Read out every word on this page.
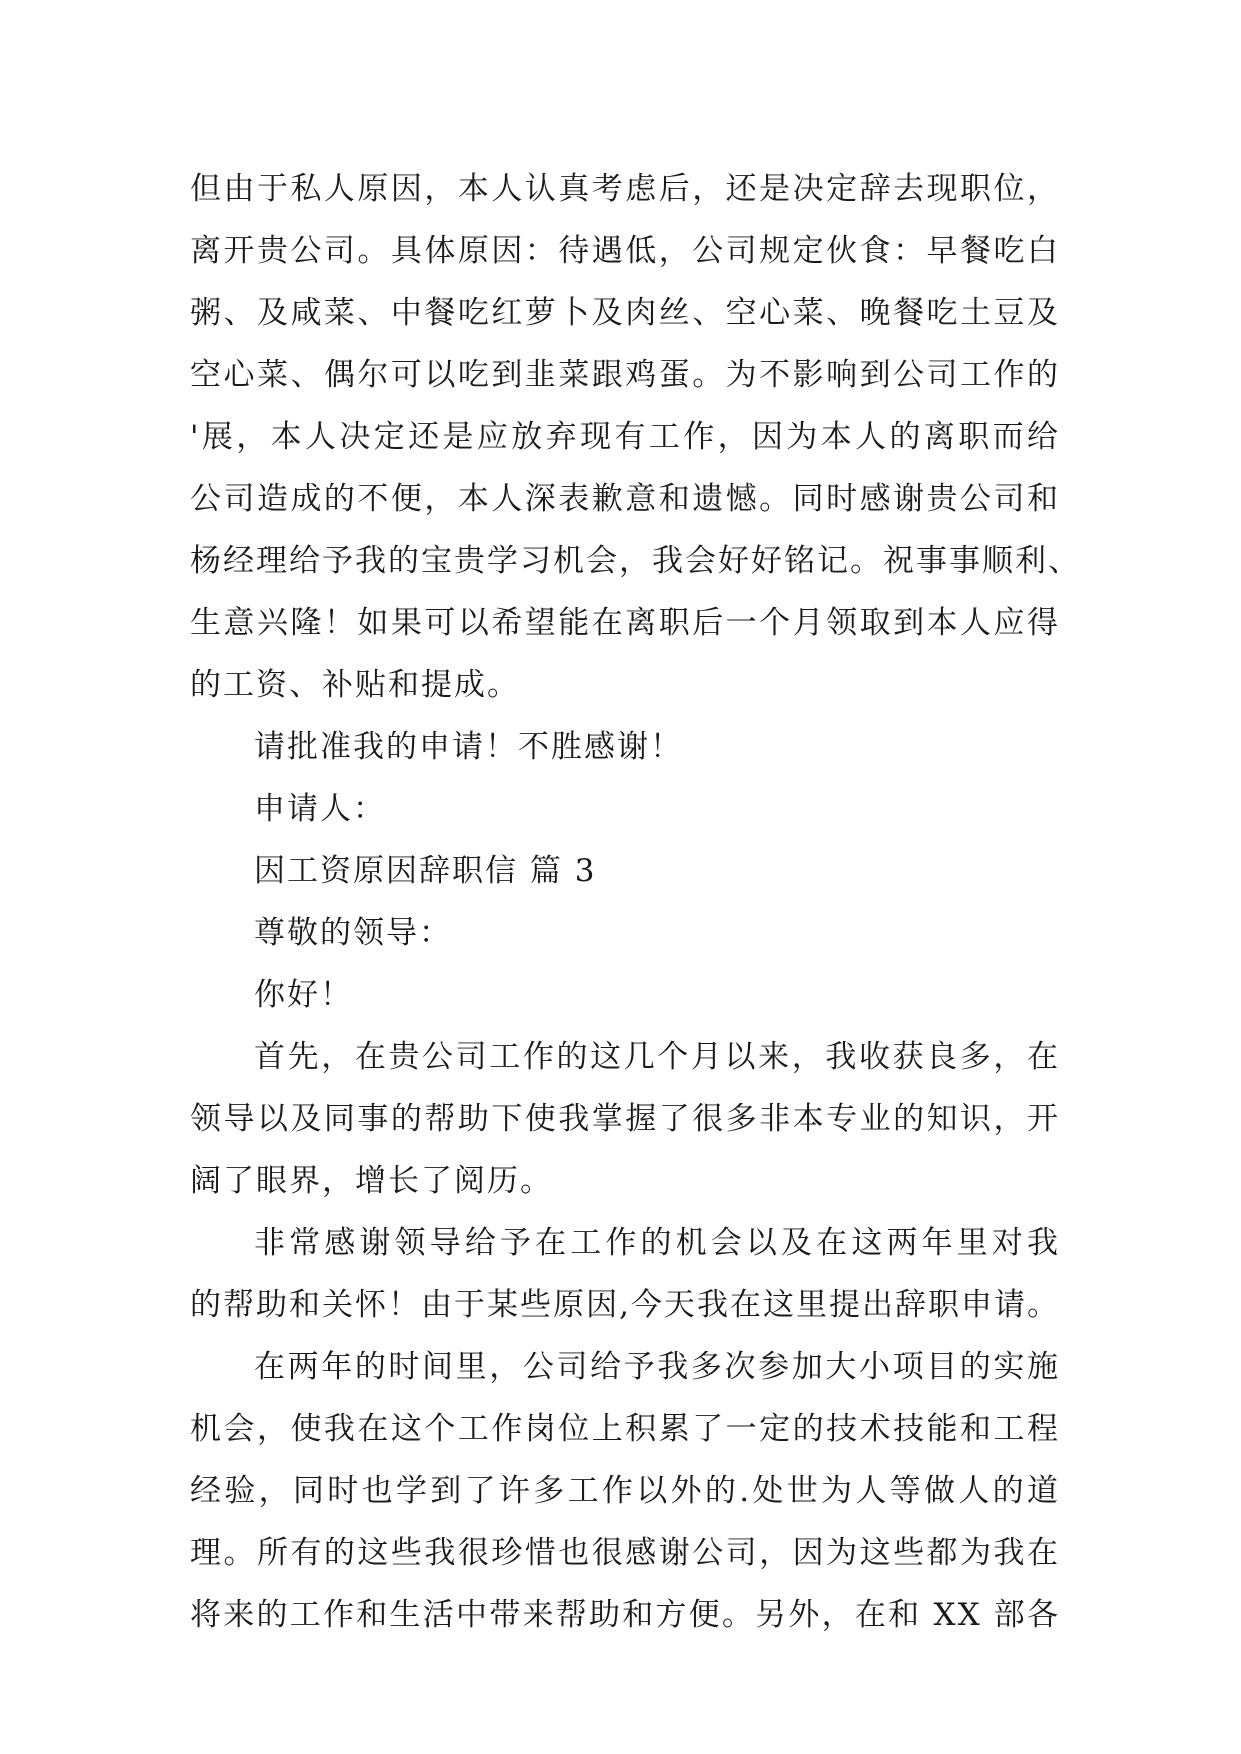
但由于私人原因，本人认真考虑后，还是决定辞去现职位，
离开贵公司。具体原因：待遇低，公司规定伙食：早餐吃白
粥、及咸菜、中餐吃红萝卜及肉丝、空心菜、晚餐吃土豆及
空心菜、偶尔可以吃到韭菜跟鸡蛋。为不影响到公司工作的
'展，本人决定还是应放弃现有工作，因为本人的离职而给
公司造成的不便，本人深表歉意和遗憾。同时感谢贵公司和
杨经理给予我的宝贵学习机会，我会好好铭记。祝事事顺利、
生意兴隆！如果可以希望能在离职后一个月领取到本人应得
的工资、补贴和提成。
请批准我的申请！不胜感谢！
申请人：
因工资原因辞职信 篇 3
尊敬的领导：
你好！
首先，在贵公司工作的这几个月以来，我收获良多，在
领导以及同事的帮助下使我掌握了很多非本专业的知识，开
阔了眼界，增长了阅历。
非常感谢领导给予在工作的机会以及在这两年里对我
的帮助和关怀！由于某些原因,今天我在这里提出辞职申请。
在两年的时间里，公司给予我多次参加大小项目的实施
机会，使我在这个工作岗位上积累了一定的技术技能和工程
经验，同时也学到了许多工作以外的.处世为人等做人的道
理。所有的这些我很珍惜也很感谢公司，因为这些都为我在
将来的工作和生活中带来帮助和方便。另外，在和 XX 部各
